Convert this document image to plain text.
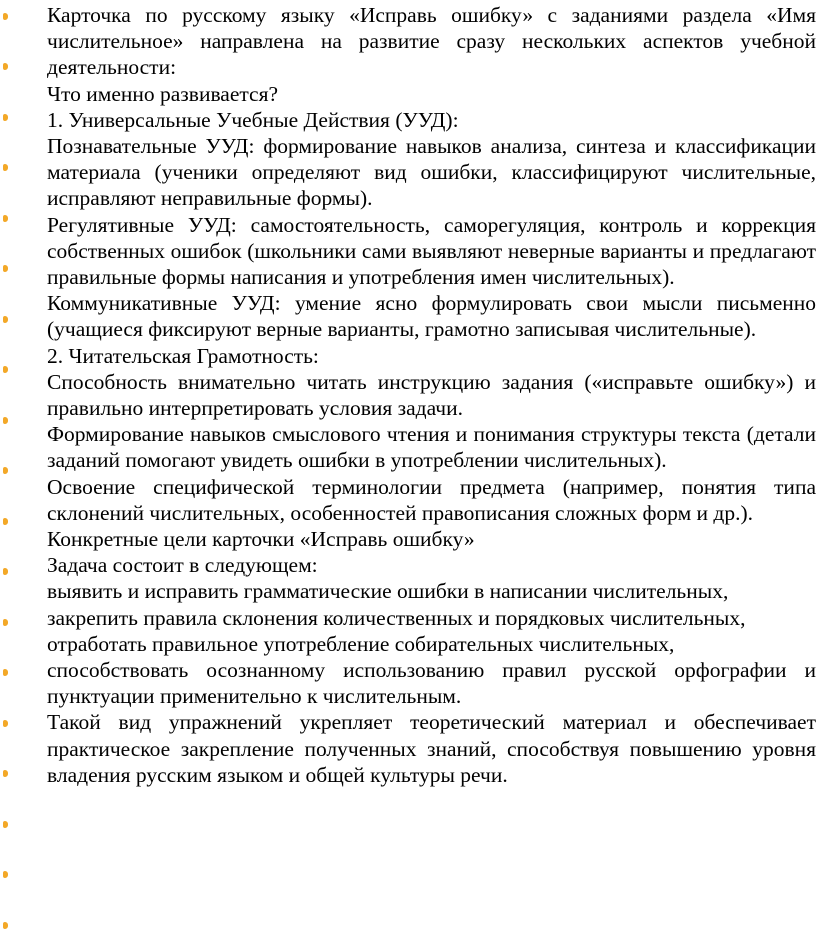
Карточка по русскому языку «Исправь ошибку» с заданиями раздела «Имя числительное» направлена на развитие сразу нескольких аспектов учебной деятельности:

Что именно развивается?

1. Универсальные Учебные Действия (УУД):

Познавательные УУД: формирование навыков анализа, синтеза и классификации материала (ученики определяют вид ошибки, классифицируют числительные, исправляют неправильные формы).

Регулятивные УУД: самостоятельность, саморегуляция, контроль и коррекция собственных ошибок (школьники сами выявляют неверные варианты и предлагают правильные формы написания и употребления имен числительных).

Коммуникативные УУД: умение ясно формулировать свои мысли письменно (учащиеся фиксируют верные варианты, грамотно записывая числительные).

2. Читательская Грамотность:

Способность внимательно читать инструкцию задания («исправьте ошибку») и правильно интерпретировать условия задачи.

Формирование навыков смыслового чтения и понимания структуры текста (детали заданий помогают увидеть ошибки в употреблении числительных).

Освоение специфической терминологии предмета (например, понятия типа склонений числительных, особенностей правописания сложных форм и др.).

Конкретные цели карточки «Исправь ошибку»

Задача состоит в следующем:

выявить и исправить грамматические ошибки в написании числительных,

закрепить правила склонения количественных и порядковых числительных,

отработать правильное употребление собирательных числительных,

способствовать осознанному использованию правил русской орфографии и пунктуации применительно к числительным.

Такой вид упражнений укрепляет теоретический материал и обеспечивает практическое закрепление полученных знаний, способствуя повышению уровня владения русским языком и общей культуры речи.
